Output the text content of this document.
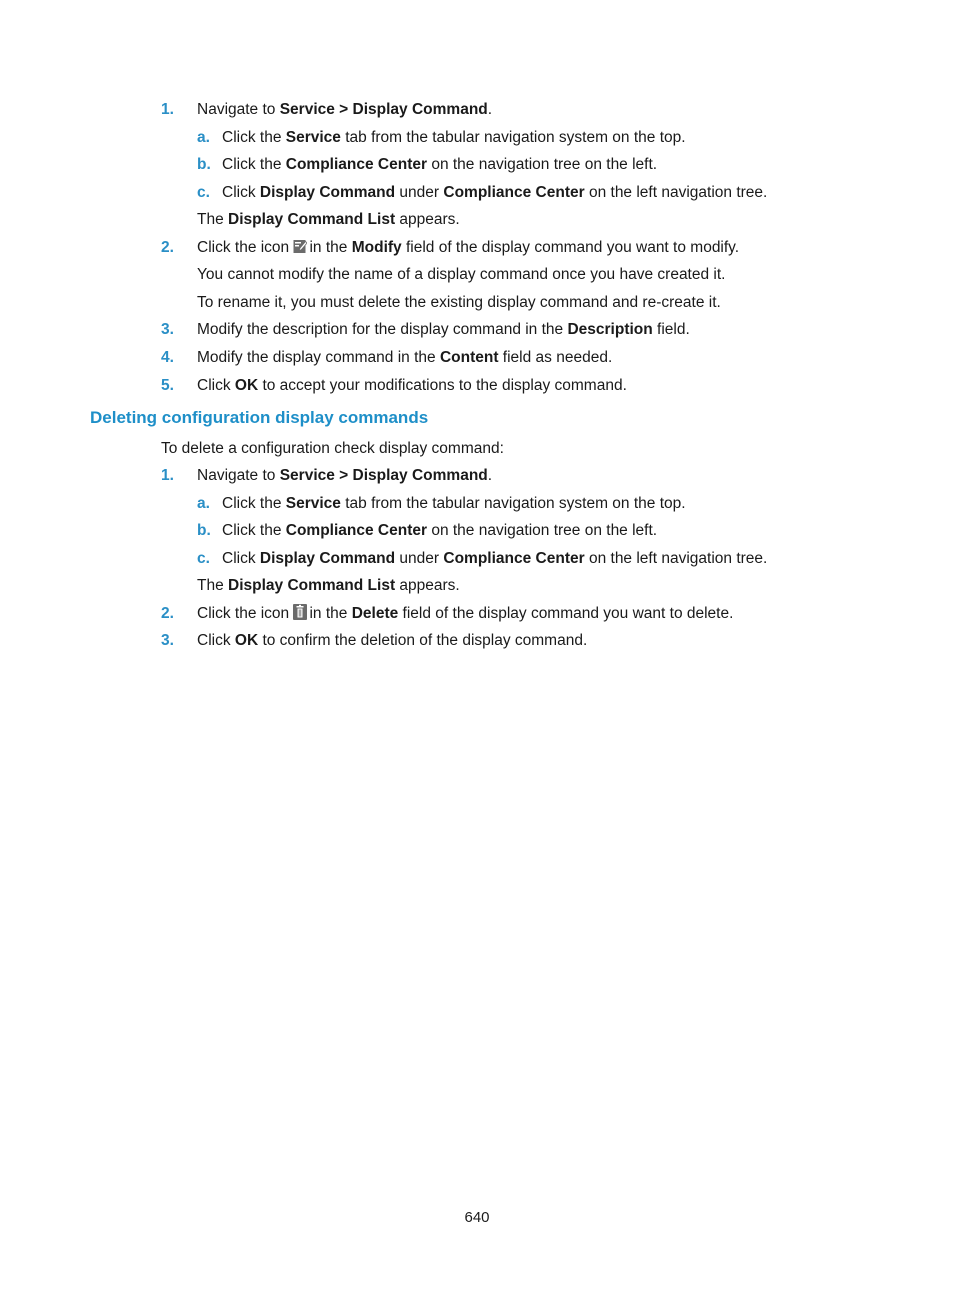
1. Navigate to Service > Display Command.
a. Click the Service tab from the tabular navigation system on the top.
b. Click the Compliance Center on the navigation tree on the left.
c. Click Display Command under Compliance Center on the left navigation tree.
The Display Command List appears.
2. Click the icon in the Modify field of the display command you want to modify.
You cannot modify the name of a display command once you have created it.
To rename it, you must delete the existing display command and re-create it.
3. Modify the description for the display command in the Description field.
4. Modify the display command in the Content field as needed.
5. Click OK to accept your modifications to the display command.
Deleting configuration display commands
To delete a configuration check display command:
1. Navigate to Service > Display Command.
a. Click the Service tab from the tabular navigation system on the top.
b. Click the Compliance Center on the navigation tree on the left.
c. Click Display Command under Compliance Center on the left navigation tree.
The Display Command List appears.
2. Click the icon in the Delete field of the display command you want to delete.
3. Click OK to confirm the deletion of the display command.
640
